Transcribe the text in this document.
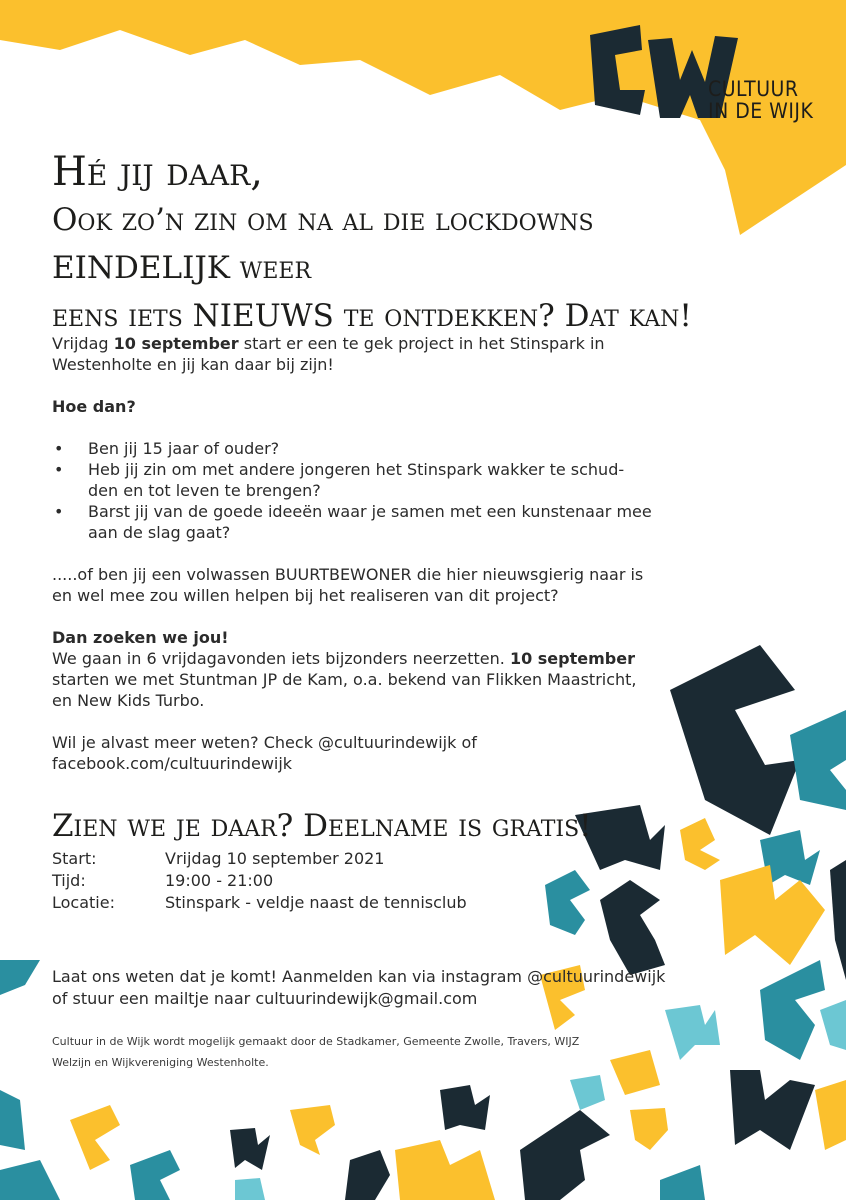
CULTUUR
IN DE WIJK
Hé jij daar,
Ook zo’n zin om na al die lockdowns EINDELIJK weer
eens iets NIEUWS te ontdekken? Dat kan!

Vrijdag 10 september start er een te gek project in het Stinspark in Westenholte en jij kan daar bij zijn!

Hoe dan?

• Ben jij 15 jaar of ouder?
• Heb jij zin om met andere jongeren het Stinspark wakker te schud-den en tot leven te brengen?
• Barst jij van de goede ideeën waar je samen met een kunstenaar mee aan de slag gaat?

.....of ben jij een volwassen BUURTBEWONER die hier nieuwsgierig naar is en wel mee zou willen helpen bij het realiseren van dit project?

Dan zoeken we jou!

We gaan in 6 vrijdagavonden iets bijzonders neerzetten. 10 september starten we met Stuntman JP de Kam, o.a. bekend van Flikken Maastricht, en New Kids Turbo.

Wil je alvast meer weten? Check @cultuurindewijk of facebook.com/cultuurindewijk

Zien we je daar? Deelname is gratis!
Start:	Vrijdag 10 september 2021
Tijd:	19:00 - 21:00
Locatie:	Stinspark - veldje naast de tennisclub

Laat ons weten dat je komt! Aanmelden kan via instagram @cultuurindewijk of stuur een mailtje naar cultuurindewijk@gmail.com

Cultuur in de Wijk wordt mogelijk gemaakt door de Stadkamer, Gemeente Zwolle, Travers, WIJZ Welzijn en Wijkvereniging Westenholte.
